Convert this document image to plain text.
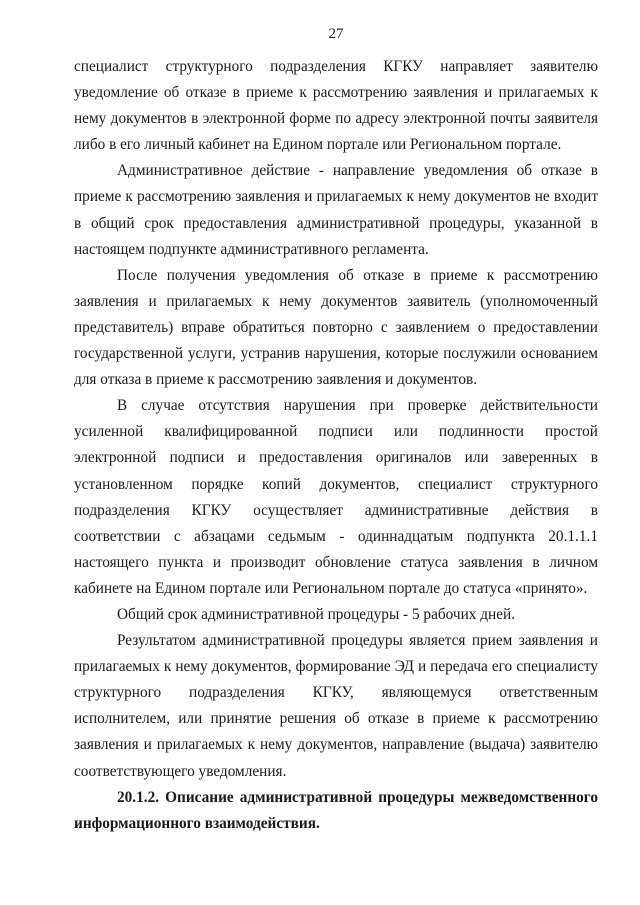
27

специалист структурного подразделения КГКУ направляет заявителю уведомление об отказе в приеме к рассмотрению заявления и прилагаемых к нему документов в электронной форме по адресу электронной почты заявителя либо в его личный кабинет на Едином портале или Региональном портале.

Административное действие - направление уведомления об отказе в приеме к рассмотрению заявления и прилагаемых к нему документов не входит в общий срок предоставления административной процедуры, указанной в настоящем подпункте административного регламента.

После получения уведомления об отказе в приеме к рассмотрению заявления и прилагаемых к нему документов заявитель (уполномоченный представитель) вправе обратиться повторно с заявлением о предоставлении государственной услуги, устранив нарушения, которые послужили основанием для отказа в приеме к рассмотрению заявления и документов.

В случае отсутствия нарушения при проверке действительности усиленной квалифицированной подписи или подлинности простой электронной подписи и предоставления оригиналов или заверенных в установленном порядке копий документов, специалист структурного подразделения КГКУ осуществляет административные действия в соответствии с абзацами седьмым - одиннадцатым подпункта 20.1.1.1 настоящего пункта и производит обновление статуса заявления в личном кабинете на Едином портале или Региональном портале до статуса «принято».

Общий срок административной процедуры - 5 рабочих дней.

Результатом административной процедуры является прием заявления и прилагаемых к нему документов, формирование ЭД и передача его специалисту структурного подразделения КГКУ, являющемуся ответственным исполнителем, или принятие решения об отказе в приеме к рассмотрению заявления и прилагаемых к нему документов, направление (выдача) заявителю соответствующего уведомления.

20.1.2. Описание административной процедуры межведомственного информационного взаимодействия.
